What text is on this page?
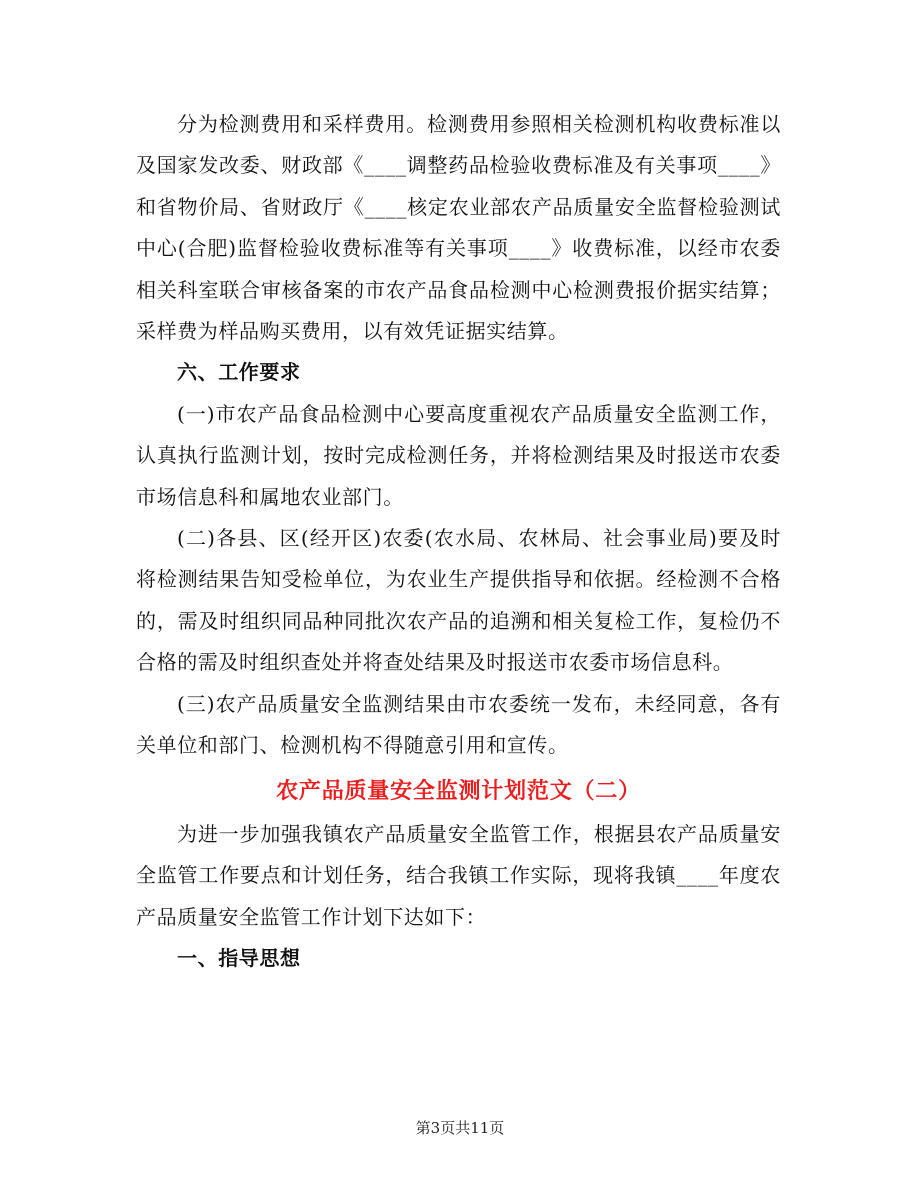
分为检测费用和采样费用。检测费用参照相关检测机构收费标准以及国家发改委、财政部《____调整药品检验收费标准及有关事项____》和省物价局、省财政厅《____核定农业部农产品质量安全监督检验测试中心(合肥)监督检验收费标准等有关事项____》收费标准，以经市农委相关科室联合审核备案的市农产品食品检测中心检测费报价据实结算；采样费为样品购买费用，以有效凭证据实结算。

六、工作要求

(一)市农产品食品检测中心要高度重视农产品质量安全监测工作，认真执行监测计划，按时完成检测任务，并将检测结果及时报送市农委市场信息科和属地农业部门。

(二)各县、区(经开区)农委(农水局、农林局、社会事业局)要及时将检测结果告知受检单位，为农业生产提供指导和依据。经检测不合格的，需及时组织同品种同批次农产品的追溯和相关复检工作，复检仍不合格的需及时组织查处并将查处结果及时报送市农委市场信息科。

(三)农产品质量安全监测结果由市农委统一发布，未经同意，各有关单位和部门、检测机构不得随意引用和宣传。

农产品质量安全监测计划范文（二）

为进一步加强我镇农产品质量安全监管工作，根据县农产品质量安全监管工作要点和计划任务，结合我镇工作实际，现将我镇____年度农产品质量安全监管工作计划下达如下：

一、指导思想

第3页共11页
